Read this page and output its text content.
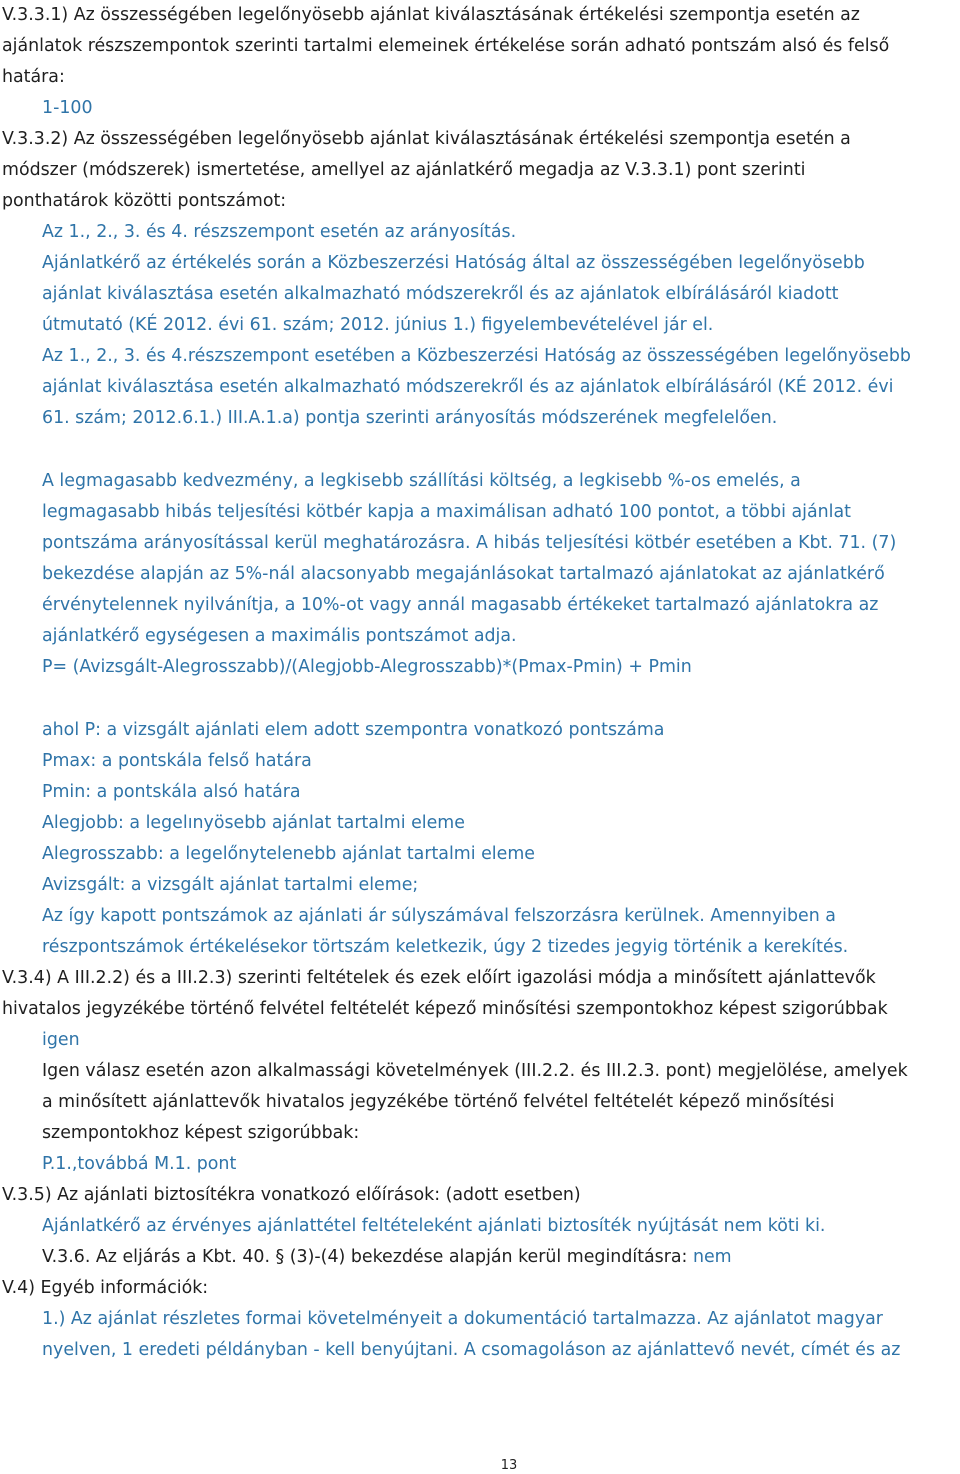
V.3.3.1) Az összességében legelőnyösebb ajánlat kiválasztásának értékelési szempontja esetén az

ajánlatok részszempontok szerinti tartalmi elemeinek értékelése során adható pontszám alsó és felső

határa:

1-100

V.3.3.2) Az összességében legelőnyösebb ajánlat kiválasztásának értékelési szempontja esetén a

módszer (módszerek) ismertetése, amellyel az ajánlatkérő megadja az V.3.3.1) pont szerinti

ponthatárok közötti pontszámot:

Az 1., 2., 3. és 4. részszempont esetén az arányosítás.

Ajánlatkérő az értékelés során a Közbeszerzési Hatóság által az összességében legelőnyösebb

ajánlat kiválasztása esetén alkalmazható módszerekről és az ajánlatok elbírálásáról kiadott

útmutató (KÉ 2012. évi 61. szám; 2012. június 1.) figyelembevételével jár el.

Az 1., 2., 3. és 4.részszempont esetében a Közbeszerzési Hatóság az összességében legelőnyösebb

ajánlat kiválasztása esetén alkalmazható módszerekről és az ajánlatok elbírálásáról (KÉ 2012. évi

61. szám; 2012.6.1.) III.A.1.a) pontja szerinti arányosítás módszerének megfelelően.

A legmagasabb kedvezmény, a legkisebb szállítási költség, a legkisebb %-os emelés, a

legmagasabb hibás teljesítési kötbér kapja a maximálisan adható 100 pontot, a többi ajánlat

pontszáma arányosítással kerül meghatározásra. A hibás teljesítési kötbér esetében a Kbt. 71. (7)

bekezdése alapján az 5%-nál alacsonyabb megajánlásokat tartalmazó ajánlatokat az ajánlatkérő

érvénytelennek nyilvánítja, a 10%-ot vagy annál magasabb értékeket tartalmazó ajánlatokra az

ajánlatkérő egységesen a maximális pontszámot adja.

P= (Avizsgált-Alegrosszabb)/(Alegjobb-Alegrosszabb)*(Pmax-Pmin) + Pmin

ahol P: a vizsgált ajánlati elem adott szempontra vonatkozó pontszáma

Pmax: a pontskála felső határa

Pmin: a pontskála alsó határa

Alegjobb: a legelınyösebb ajánlat tartalmi eleme

Alegrosszabb: a legelőnytelenebb ajánlat tartalmi eleme

Avizsgált: a vizsgált ajánlat tartalmi eleme;

Az így kapott pontszámok az ajánlati ár súlyszámával felszorzásra kerülnek. Amennyiben a

részpontszámok értékelésekor törtszám keletkezik, úgy 2 tizedes jegyig történik a kerekítés.

V.3.4) A III.2.2) és a III.2.3) szerinti feltételek és ezek előírt igazolási módja a minősített ajánlattevők

hivatalos jegyzékébe történő felvétel feltételét képező minősítési szempontokhoz képest szigorúbbak

igen

Igen válasz esetén azon alkalmassági követelmények (III.2.2. és III.2.3. pont) megjelölése, amelyek

a minősített ajánlattevők hivatalos jegyzékébe történő felvétel feltételét képező minősítési

szempontokhoz képest szigorúbbak:

P.1.,továbbá M.1. pont

V.3.5) Az ajánlati biztosítékra vonatkozó előírások: (adott esetben)

Ajánlatkérő az érvényes ajánlattétel feltételeként ajánlati biztosíték nyújtását nem köti ki.

V.3.6. Az eljárás a Kbt. 40. § (3)-(4) bekezdése alapján kerül megindításra: nem

V.4) Egyéb információk:

1.) Az ajánlat részletes formai követelményeit a dokumentáció tartalmazza. Az ajánlatot magyar

nyelven, 1 eredeti példányban - kell benyújtani. A csomagoláson az ajánlattevő nevét, címét és az

13
